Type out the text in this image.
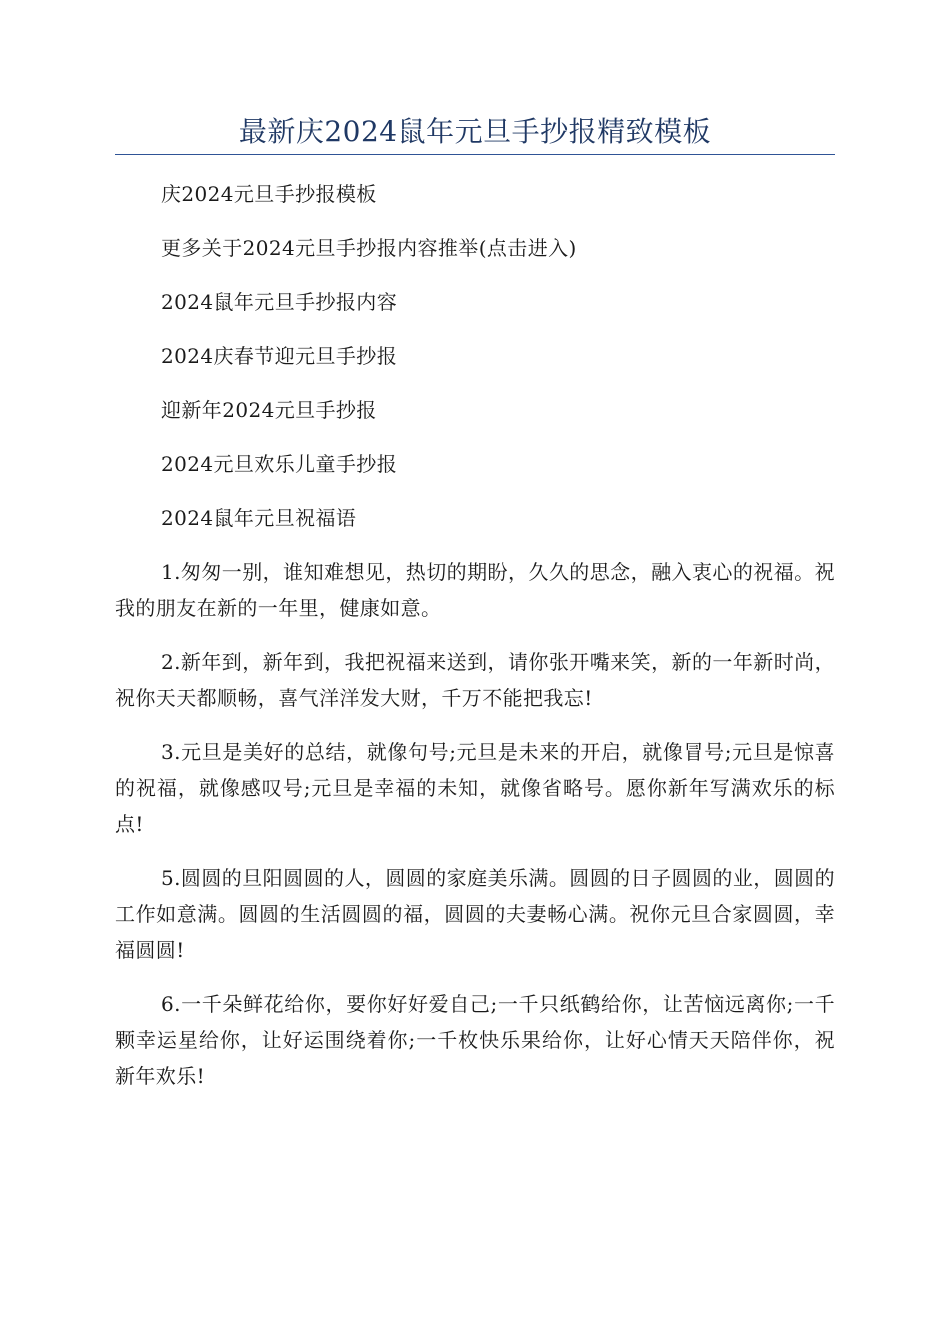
最新庆2024鼠年元旦手抄报精致模板
庆2024元旦手抄报模板
更多关于2024元旦手抄报内容推举(点击进入)
2024鼠年元旦手抄报内容
2024庆春节迎元旦手抄报
迎新年2024元旦手抄报
2024元旦欢乐儿童手抄报
2024鼠年元旦祝福语

1.匆匆一别，谁知难想见，热切的期盼，久久的思念，融入衷心的祝福。祝我的朋友在新的一年里，健康如意。

2.新年到，新年到，我把祝福来送到，请你张开嘴来笑，新的一年新时尚，祝你天天都顺畅，喜气洋洋发大财，千万不能把我忘!

3.元旦是美好的总结，就像句号;元旦是未来的开启，就像冒号;元旦是惊喜的祝福，就像感叹号;元旦是幸福的未知，就像省略号。愿你新年写满欢乐的标点!

5.圆圆的旦阳圆圆的人，圆圆的家庭美乐满。圆圆的日子圆圆的业，圆圆的工作如意满。圆圆的生活圆圆的福，圆圆的夫妻畅心满。祝你元旦合家圆圆，幸福圆圆!

6.一千朵鲜花给你，要你好好爱自己;一千只纸鹤给你，让苦恼远离你;一千颗幸运星给你，让好运围绕着你;一千枚快乐果给你，让好心情天天陪伴你，祝新年欢乐!
